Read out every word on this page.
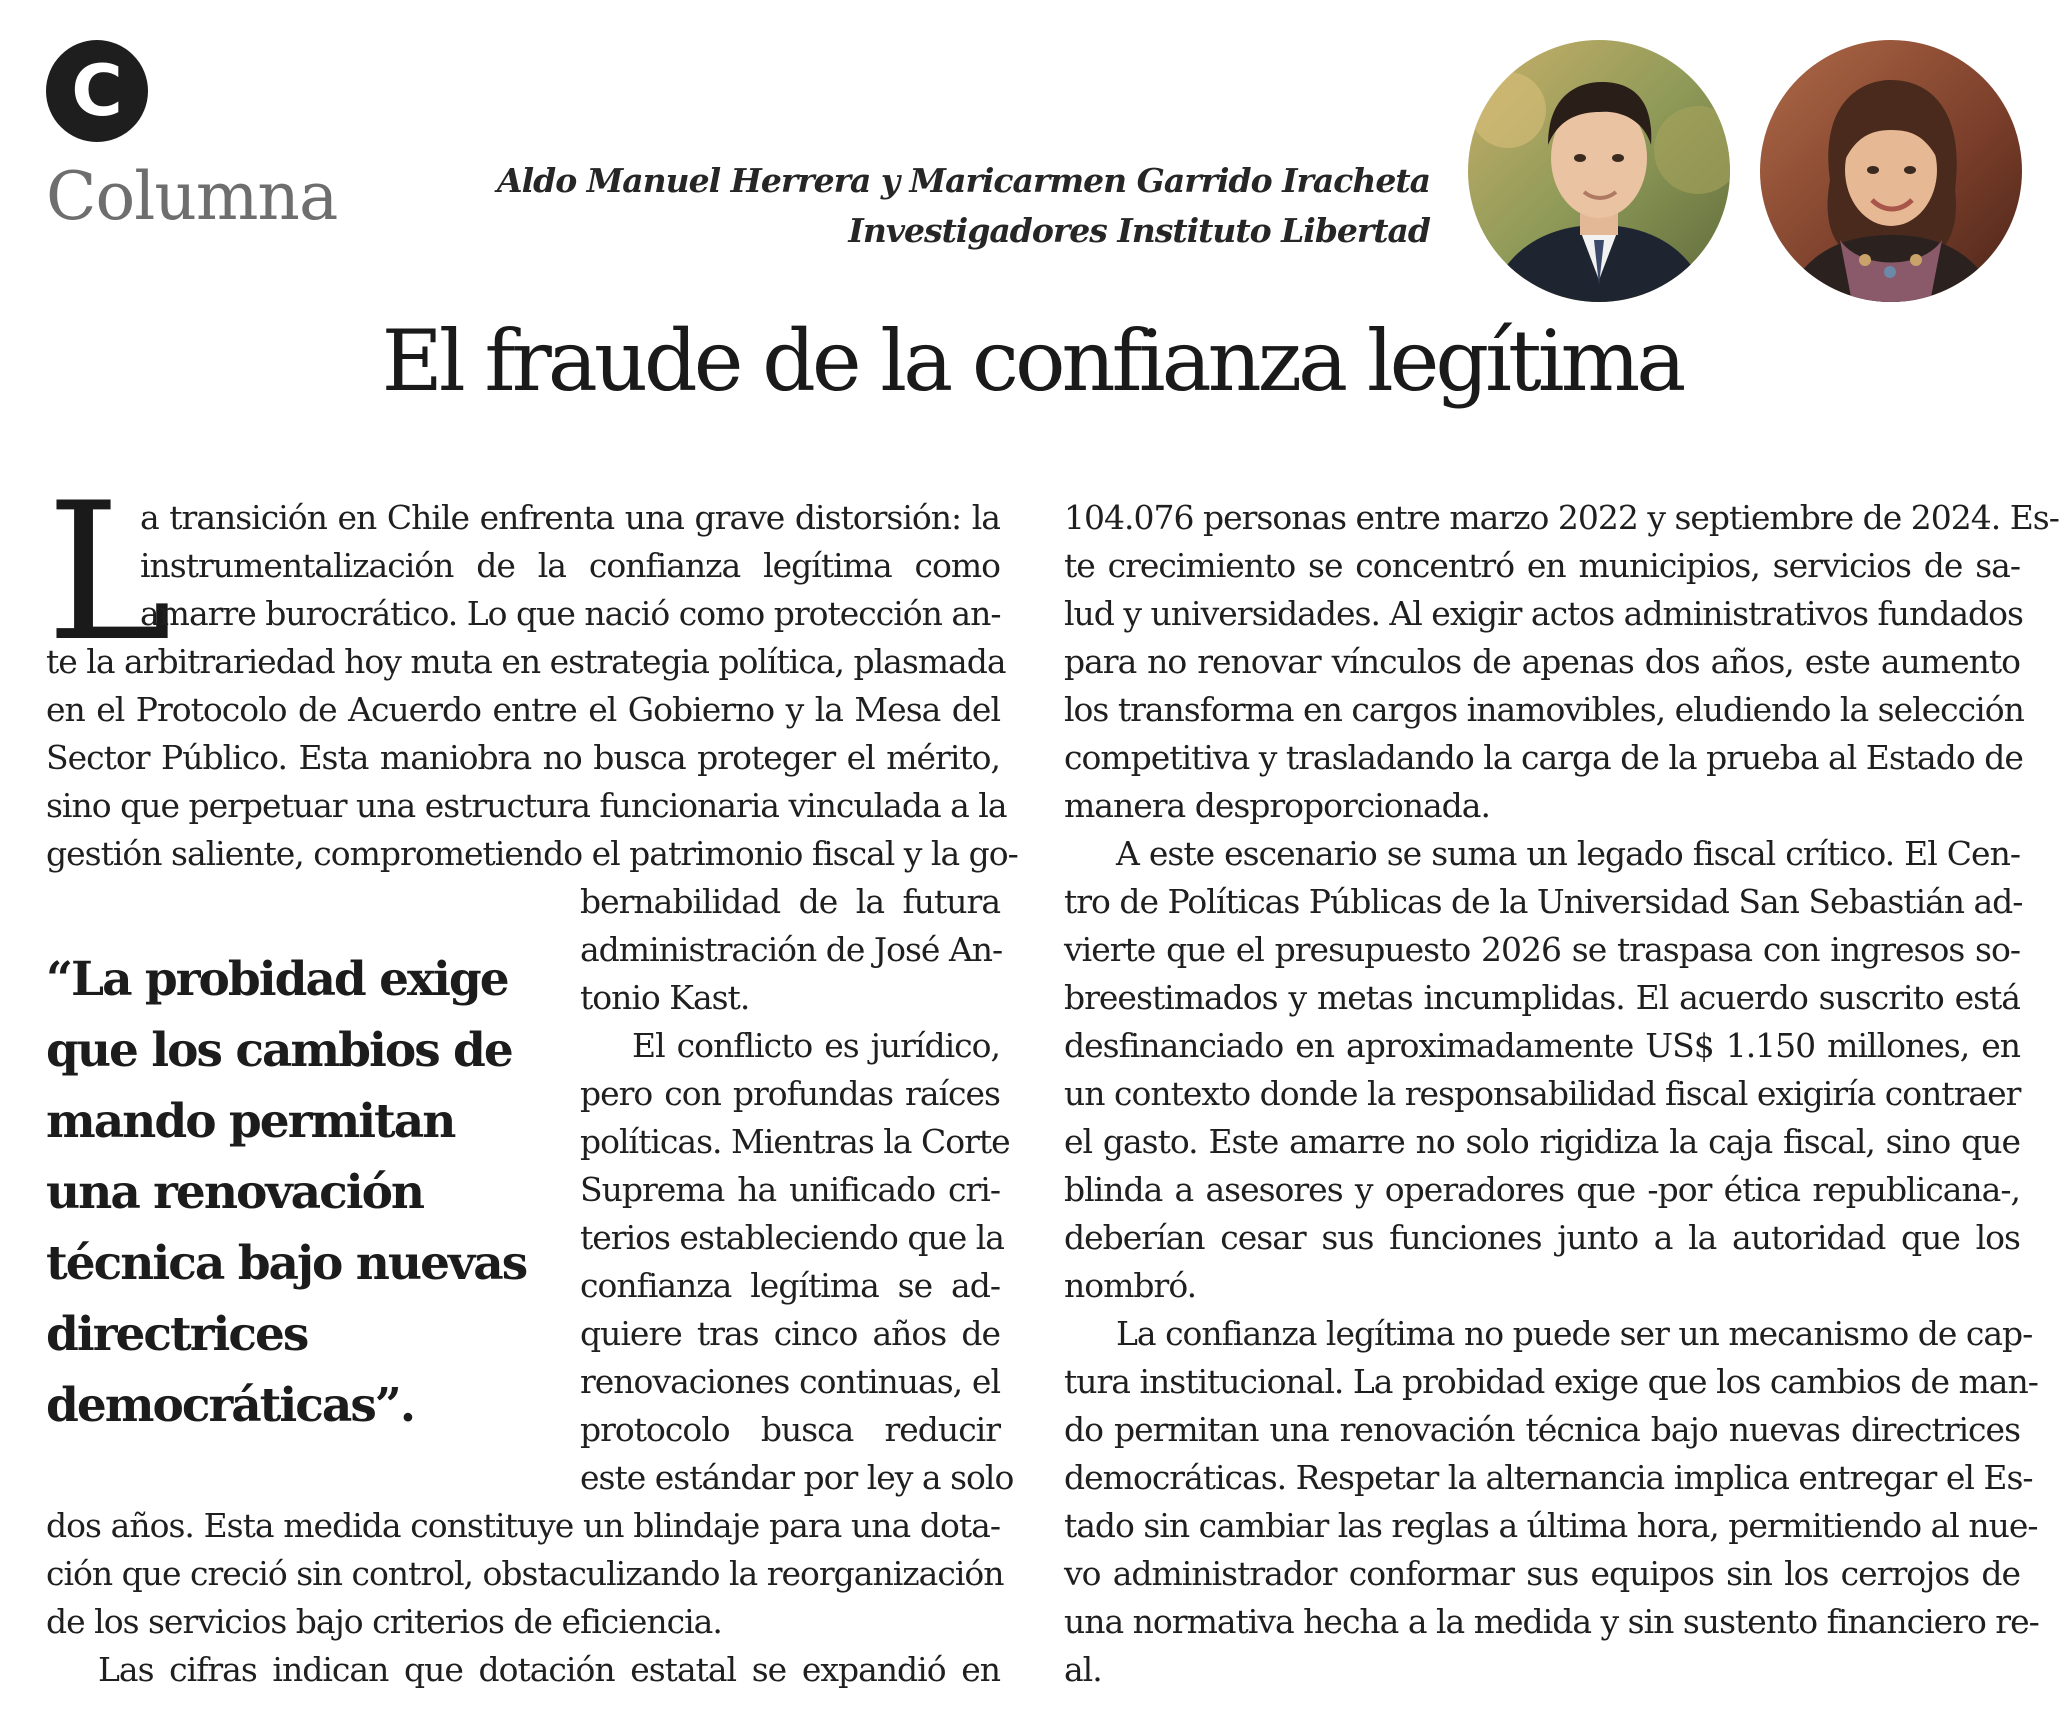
C
Columna	Aldo Manuel Herrera y Maricarmen Garrido Iracheta
Investigadores Instituto Libertad
El fraude de la confianza legítima
L
a transición en Chile enfrenta una grave distorsión: la
instrumentalización de la confianza legítima como
amarre burocrático. Lo que nació como protección an-
te la arbitrariedad hoy muta en estrategia política, plasmada
en el Protocolo de Acuerdo entre el Gobierno y la Mesa del
Sector Público. Esta maniobra no busca proteger el mérito,
sino que perpetuar una estructura funcionaria vinculada a la
gestión saliente, comprometiendo el patrimonio fiscal y la go-
bernabilidad de la futura
administración de José An-
tonio Kast.
El conflicto es jurídico,
pero con profundas raíces
políticas. Mientras la Corte
Suprema ha unificado cri-
terios estableciendo que la
confianza legítima se ad-
quiere tras cinco años de
renovaciones continuas, el
protocolo busca reducir
este estándar por ley a solo
dos años. Esta medida constituye un blindaje para una dota-
ción que creció sin control, obstaculizando la reorganización
de los servicios bajo criterios de eficiencia.
Las cifras indican que dotación estatal se expandió en
“La probidad exige
que los cambios de
mando permitan
una renovación
técnica bajo nuevas
directrices
democráticas”.
104.076 personas entre marzo 2022 y septiembre de 2024. Es-
te crecimiento se concentró en municipios, servicios de sa-
lud y universidades. Al exigir actos administrativos fundados
para no renovar vínculos de apenas dos años, este aumento
los transforma en cargos inamovibles, eludiendo la selección
competitiva y trasladando la carga de la prueba al Estado de
manera desproporcionada.
A este escenario se suma un legado fiscal crítico. El Cen-
tro de Políticas Públicas de la Universidad San Sebastián ad-
vierte que el presupuesto 2026 se traspasa con ingresos so-
breestimados y metas incumplidas. El acuerdo suscrito está
desfinanciado en aproximadamente US$ 1.150 millones, en
un contexto donde la responsabilidad fiscal exigiría contraer
el gasto. Este amarre no solo rigidiza la caja fiscal, sino que
blinda a asesores y operadores que -por ética republicana-,
deberían cesar sus funciones junto a la autoridad que los
nombró.
La confianza legítima no puede ser un mecanismo de cap-
tura institucional. La probidad exige que los cambios de man-
do permitan una renovación técnica bajo nuevas directrices
democráticas. Respetar la alternancia implica entregar el Es-
tado sin cambiar las reglas a última hora, permitiendo al nue-
vo administrador conformar sus equipos sin los cerrojos de
una normativa hecha a la medida y sin sustento financiero re-
al.
